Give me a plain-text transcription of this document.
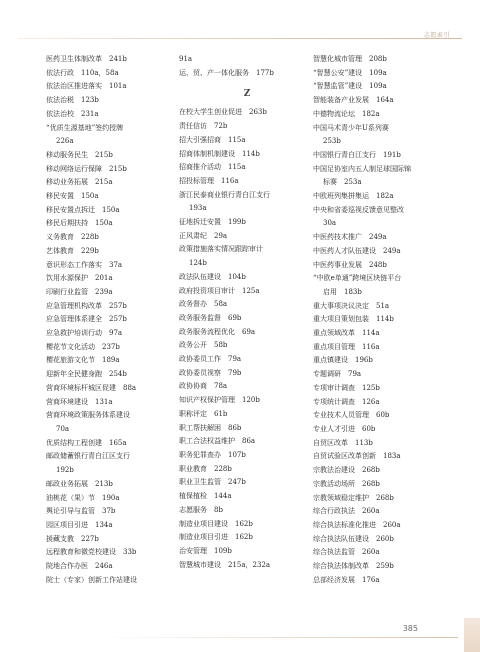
志愿索引
医药卫生体制改革　241b
依法行政　110a，58a
依法治区推进落实　101a
依法治税　123b
依法治校　231a
“优质生源基地”签约授牌
226a
移动服务民生　215b
移动网络运行保障　215b
移动业务拓展　215a
移民安置　150a
移民安置点拆迁　150a
移民后期扶持　150a
义务教育　228b
艺体教育　229b
意识形态工作落实　37a
饮用水源保护　201a
印刷行业监管　239a
应急管理机构改革　257b
应急管理体系建全　257b
应急救护培训行动　97a
樱花节文化活动　237b
樱花旅游文化节　189a
迎新年全民健身跑　254b
营商环境标杆城区促建　88a
营商环境建设　131a
营商环境政策服务体系建设
70a
优质结构工程创建　165a
邮政储蓄银行青白江区支行
192b
邮政业务拓展　213b
油桃花（果）节　190a
舆论引导与监管　37b
园区项目引进　134a
援藏支教　227b
远程教育和微党校建设　33b
院地合作办医　246a
院士（专家）创新工作站建设
91a
运、贸、产一体化服务　177b
Z
在校大学生创业促进　263b
责任信访　72b
招大引强招商　115a
招商体制机制建设　114b
招商推介活动　115a
招投标管理　116a
浙江民泰商业银行青白江支行
193a
征地拆迁安置　199b
正风肃纪　29a
政策措施落实情况跟踪审计
124b
政法队伍建设　104b
政府投资项目审计　125a
政务督办　58a
政务服务监督　69b
政务服务流程优化　69a
政务公开　58b
政协委员工作　79a
政协委员视察　79b
政协协商　78a
知识产权保护管理　120b
职称评定　61b
职工帮扶解困　86b
职工合法权益维护　86a
职务犯罪查办　107b
职业教育　228b
职业卫生监管　247b
植保植检　144a
志愿服务　8b
制造业项目建设　162b
制造业项目引进　162b
治安管理　109b
智慧城市建设　215a，232a
智慧化城市管理　208b
“智慧公安”建设　109a
“智慧监管”建设　109a
智能装备产业发展　164a
中德物流论坛　182a
中国马术青少年U系列赛
253b
中国银行青白江支行　191b
中国足协室内五人制足球国际锦
标赛　253a
中欧班列集拼集运　182a
中央和省委巡视反馈意见整改
30a
中医药技术推广　249a
中医药人才队伍建设　249a
中医药事业发展　248b
“中欧e单通”跨境区块链平台
启用　183b
重大事项决议决定　51a
重大项目策划包装　114b
重点领域改革　114a
重点项目管理　116a
重点镇建设　196b
专题调研　79a
专项审计调查　125b
专项统计调查　126a
专业技术人员管理　60b
专业人才引进　60b
自贸区改革　113b
自贸试验区改革创新　183a
宗教法治建设　268b
宗教活动场所　268b
宗教领域稳定维护　268b
综合行政执法　260a
综合执法标准化推进　260a
综合执法队伍建设　260b
综合执法监管　260a
综合执法体制改革　259b
总部经济发展　176a
385
